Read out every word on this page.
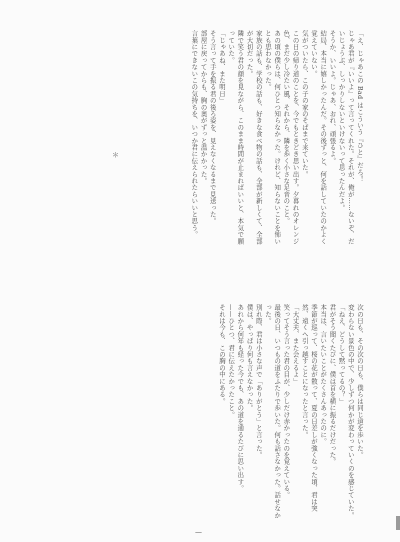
「え、じゃあこの Bad はこういう『ひと』だろ！
じゃあ君が『いいよ』って言ってくれた。それが、俺が……ないぞ、だいじょうぶ、しっかりしないといけないって思ったんだよ。
そうか、いいよ。じゃあ、おれ、頑張るよ。
結局、本当に嬉しかったんだ。その後ずっと、何を話していたのかよく覚えていない。
気がついたら、この子の家のそばまで来ていた。
この日の帰り道のことを、今でもときどき思い出す。夕暮れのオレンジ色、まだ少し冷たい風、それから、隣を歩く小さな足音のこと。
あの頃の僕らは、何ひとつ知らなかった。けれど、知らないことを怖いとも思わなかった。
家族の話も、学校の話も、好きな食べ物の話も、全部が新しくて、全部が大切だった。
隣で笑う君の顔を見ながら、このまま時間が止まればいいと、本気で願っていた。
「じゃあね、また明日」
そう言って手を振る君の後ろ姿を、見えなくなるまで見送った。
部屋に戻ってからも、胸の奥がずっと温かかった。
言葉にできないこの気持ちを、いつか君に伝えられたらいいと思う。
＊
次の日も、その次の日も、僕らは同じ道を歩いた。
変わらない景色の中で、少しずつ何かが変わっていくのを感じていた。
「ねえ、どうして黙ってるの？」
君がそう聞くたびに、僕は首を横に振るだけだった。
本当は、言いたいことがたくさんあったのに。
季節が巡って、桜の花が散って、夏の日差しが強くなった頃、君は突然、遠くへ引っ越すことになったと言った。
「大丈夫、また会えるよ」
笑ってそう言った君の目が、少しだけ赤かったのを覚えている。
最後の日、いつもの道をふたりで歩いた。何も話さなかった。話せなかった。
別れ際、君は小さな声で「ありがとう」と言った。
僕は、やっぱり何も言えなかった。
あれから何年も経った今でも、あの道を通るたびに思い出す。
——ひとつ、君に伝えたかったこと。
それは今も、この胸の中にある。
—
